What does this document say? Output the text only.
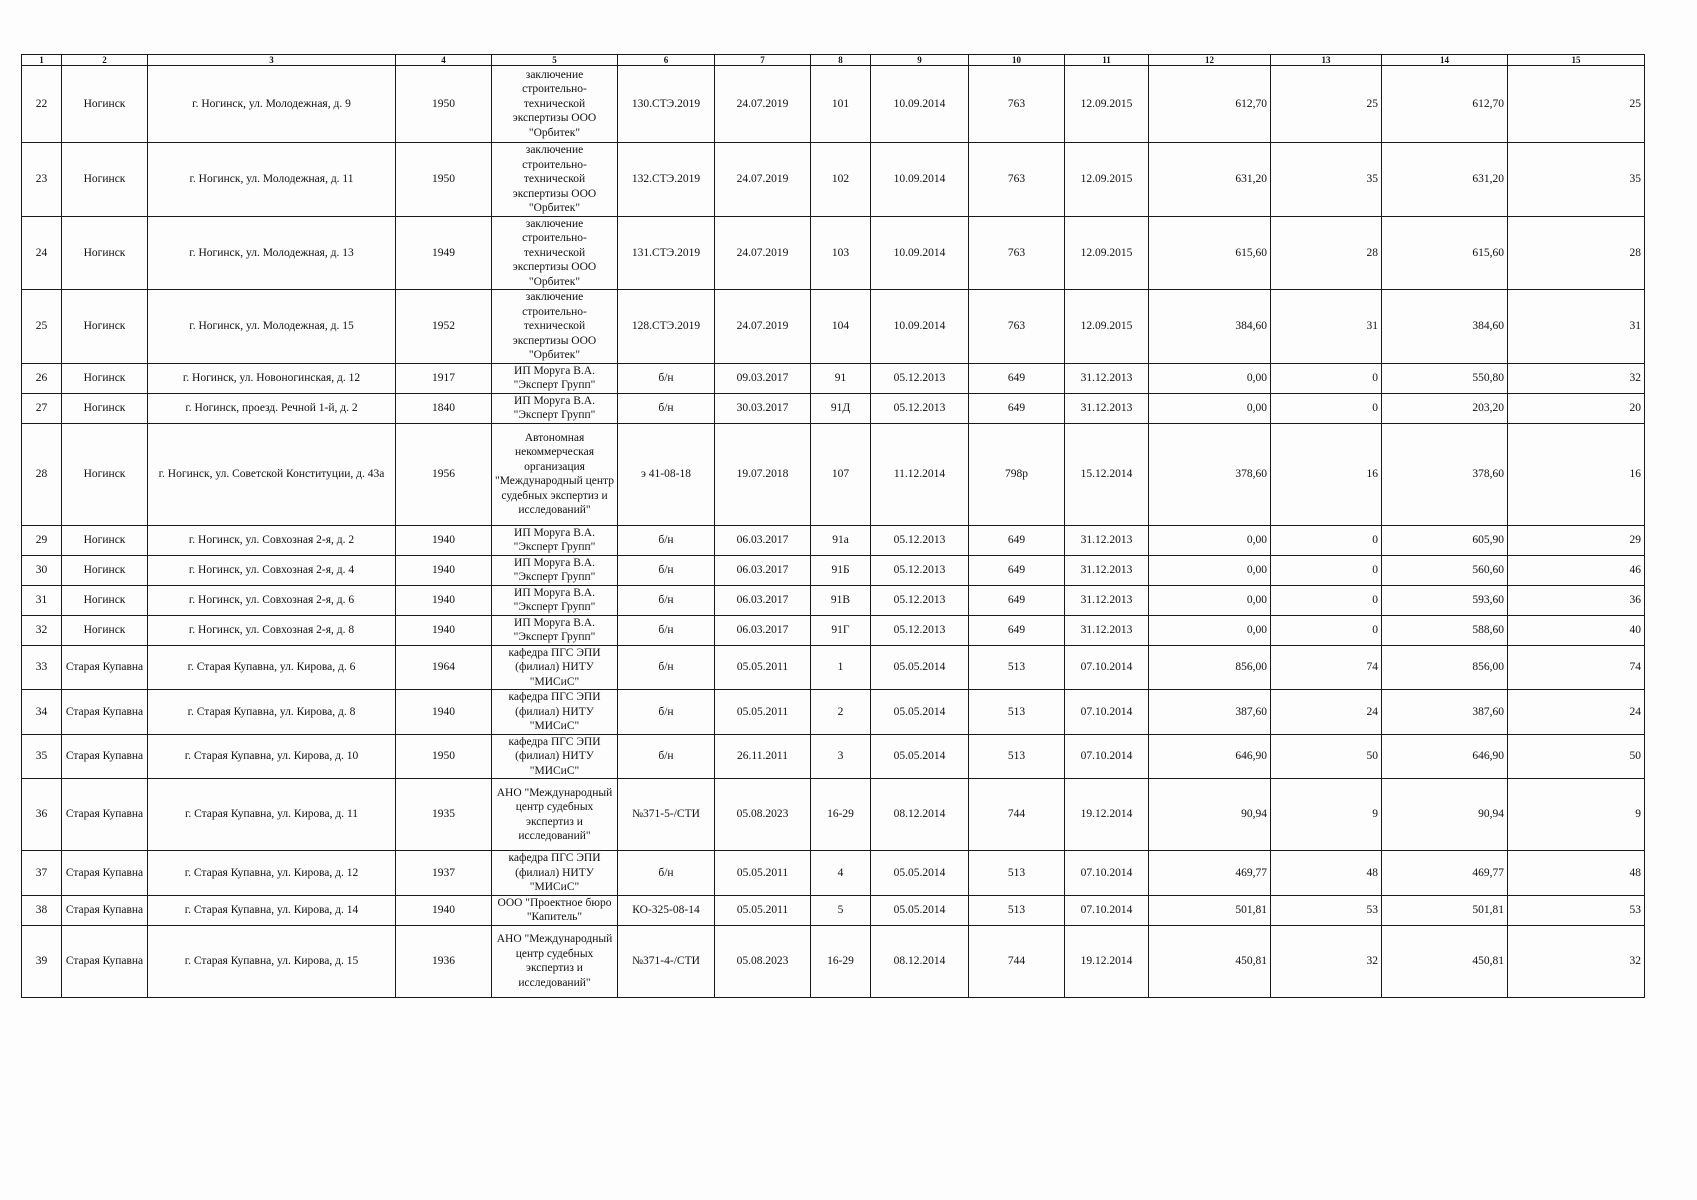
1	2	3	4	5	6	7	8	9	10	11	12	13	14	15
22	Ногинск	г. Ногинск, ул. Молодежная, д. 9	1950	заключение строительно-технической экспертизы ООО "Орбитек"	130.СТЭ.2019	24.07.2019	101	10.09.2014	763	12.09.2015	612,70	25	612,70	25
23	Ногинск	г. Ногинск, ул. Молодежная, д. 11	1950	заключение строительно-технической экспертизы ООО "Орбитек"	132.СТЭ.2019	24.07.2019	102	10.09.2014	763	12.09.2015	631,20	35	631,20	35
24	Ногинск	г. Ногинск, ул. Молодежная, д. 13	1949	заключение строительно-технической экспертизы ООО "Орбитек"	131.СТЭ.2019	24.07.2019	103	10.09.2014	763	12.09.2015	615,60	28	615,60	28
25	Ногинск	г. Ногинск, ул. Молодежная, д. 15	1952	заключение строительно-технической экспертизы ООО "Орбитек"	128.СТЭ.2019	24.07.2019	104	10.09.2014	763	12.09.2015	384,60	31	384,60	31
26	Ногинск	г. Ногинск, ул. Новоногинская, д. 12	1917	ИП Моруга В.А. "Эксперт Групп"	б/н	09.03.2017	91	05.12.2013	649	31.12.2013	0,00	0	550,80	32
27	Ногинск	г. Ногинск, проезд. Речной 1-й, д. 2	1840	ИП Моруга В.А. "Эксперт Групп"	б/н	30.03.2017	91Д	05.12.2013	649	31.12.2013	0,00	0	203,20	20
28	Ногинск	г. Ногинск, ул. Советской Конституции, д. 43а	1956	Автономная некоммерческая организация "Международный центр судебных экспертиз и исследований"	э 41-08-18	19.07.2018	107	11.12.2014	798р	15.12.2014	378,60	16	378,60	16
29	Ногинск	г. Ногинск, ул. Совхозная 2-я, д. 2	1940	ИП Моруга В.А. "Эксперт Групп"	б/н	06.03.2017	91а	05.12.2013	649	31.12.2013	0,00	0	605,90	29
30	Ногинск	г. Ногинск, ул. Совхозная 2-я, д. 4	1940	ИП Моруга В.А. "Эксперт Групп"	б/н	06.03.2017	91Б	05.12.2013	649	31.12.2013	0,00	0	560,60	46
31	Ногинск	г. Ногинск, ул. Совхозная 2-я, д. 6	1940	ИП Моруга В.А. "Эксперт Групп"	б/н	06.03.2017	91В	05.12.2013	649	31.12.2013	0,00	0	593,60	36
32	Ногинск	г. Ногинск, ул. Совхозная 2-я, д. 8	1940	ИП Моруга В.А. "Эксперт Групп"	б/н	06.03.2017	91Г	05.12.2013	649	31.12.2013	0,00	0	588,60	40
33	Старая Купавна	г. Старая Купавна, ул. Кирова, д. 6	1964	кафедра ПГС ЭПИ (филиал) НИТУ "МИСиС"	б/н	05.05.2011	1	05.05.2014	513	07.10.2014	856,00	74	856,00	74
34	Старая Купавна	г. Старая Купавна, ул. Кирова, д. 8	1940	кафедра ПГС ЭПИ (филиал) НИТУ "МИСиС"	б/н	05.05.2011	2	05.05.2014	513	07.10.2014	387,60	24	387,60	24
35	Старая Купавна	г. Старая Купавна, ул. Кирова, д. 10	1950	кафедра ПГС ЭПИ (филиал) НИТУ "МИСиС"	б/н	26.11.2011	3	05.05.2014	513	07.10.2014	646,90	50	646,90	50
36	Старая Купавна	г. Старая Купавна, ул. Кирова, д. 11	1935	АНО "Международный центр судебных экспертиз и исследований"	№371-5-/СТИ	05.08.2023	16-29	08.12.2014	744	19.12.2014	90,94	9	90,94	9
37	Старая Купавна	г. Старая Купавна, ул. Кирова, д. 12	1937	кафедра ПГС ЭПИ (филиал) НИТУ "МИСиС"	б/н	05.05.2011	4	05.05.2014	513	07.10.2014	469,77	48	469,77	48
38	Старая Купавна	г. Старая Купавна, ул. Кирова, д. 14	1940	ООО "Проектное бюро "Капитель"	КО-325-08-14	05.05.2011	5	05.05.2014	513	07.10.2014	501,81	53	501,81	53
39	Старая Купавна	г. Старая Купавна, ул. Кирова, д. 15	1936	АНО "Международный центр судебных экспертиз и исследований"	№371-4-/СТИ	05.08.2023	16-29	08.12.2014	744	19.12.2014	450,81	32	450,81	32
